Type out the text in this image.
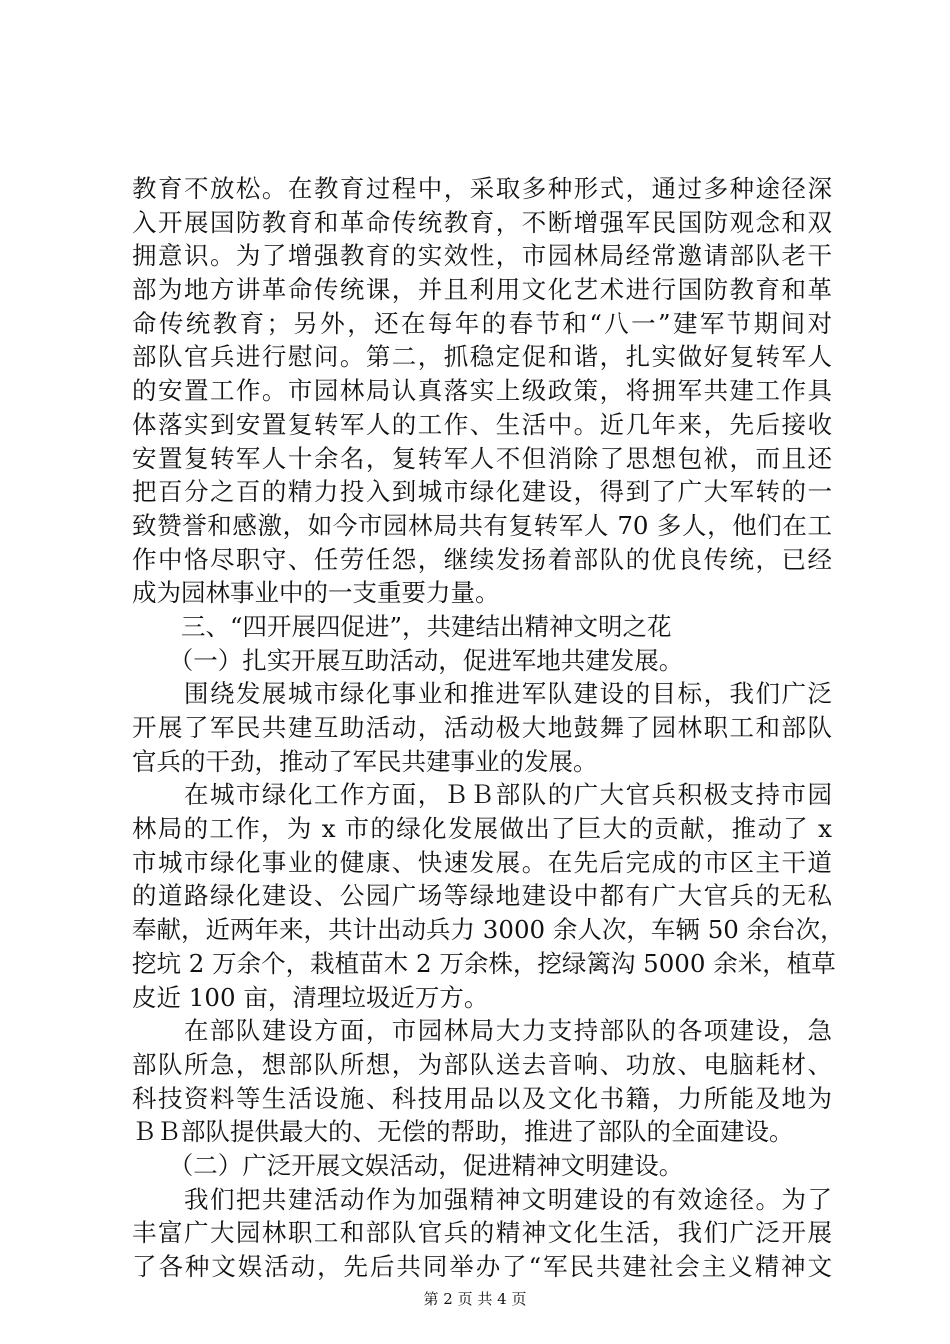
教育不放松。在教育过程中，采取多种形式，通过多种途径深
入开展国防教育和革命传统教育，不断增强军民国防观念和双
拥意识。为了增强教育的实效性，市园林局经常邀请部队老干
部为地方讲革命传统课，并且利用文化艺术进行国防教育和革
命传统教育；另外，还在每年的春节和“八一”建军节期间对
部队官兵进行慰问。第二，抓稳定促和谐，扎实做好复转军人
的安置工作。市园林局认真落实上级政策，将拥军共建工作具
体落实到安置复转军人的工作、生活中。近几年来，先后接收
安置复转军人十余名，复转军人不但消除了思想包袱，而且还
把百分之百的精力投入到城市绿化建设，得到了广大军转的一
致赞誉和感激，如今市园林局共有复转军人 70 多人，他们在工
作中恪尽职守、任劳任怨，继续发扬着部队的优良传统，已经
成为园林事业中的一支重要力量。
　　三、“四开展四促进”，共建结出精神文明之花
　　（一）扎实开展互助活动，促进军地共建发展。
　　围绕发展城市绿化事业和推进军队建设的目标，我们广泛
开展了军民共建互助活动，活动极大地鼓舞了园林职工和部队
官兵的干劲，推动了军民共建事业的发展。
　　在城市绿化工作方面，ＢＢ部队的广大官兵积极支持市园
林局的工作，为 x 市的绿化发展做出了巨大的贡献，推动了 x
市城市绿化事业的健康、快速发展。在先后完成的市区主干道
的道路绿化建设、公园广场等绿地建设中都有广大官兵的无私
奉献，近两年来，共计出动兵力 3000 余人次，车辆 50 余台次，
挖坑 2 万余个，栽植苗木 2 万余株，挖绿篱沟 5000 余米，植草
皮近 100 亩，清理垃圾近万方。
　　在部队建设方面，市园林局大力支持部队的各项建设，急
部队所急，想部队所想，为部队送去音响、功放、电脑耗材、
科技资料等生活设施、科技用品以及文化书籍，力所能及地为
ＢＢ部队提供最大的、无偿的帮助，推进了部队的全面建设。
　　（二）广泛开展文娱活动，促进精神文明建设。
　　我们把共建活动作为加强精神文明建设的有效途径。为了
丰富广大园林职工和部队官兵的精神文化生活，我们广泛开展
了各种文娱活动，先后共同举办了“军民共建社会主义精神文
第 2 页 共 4 页
